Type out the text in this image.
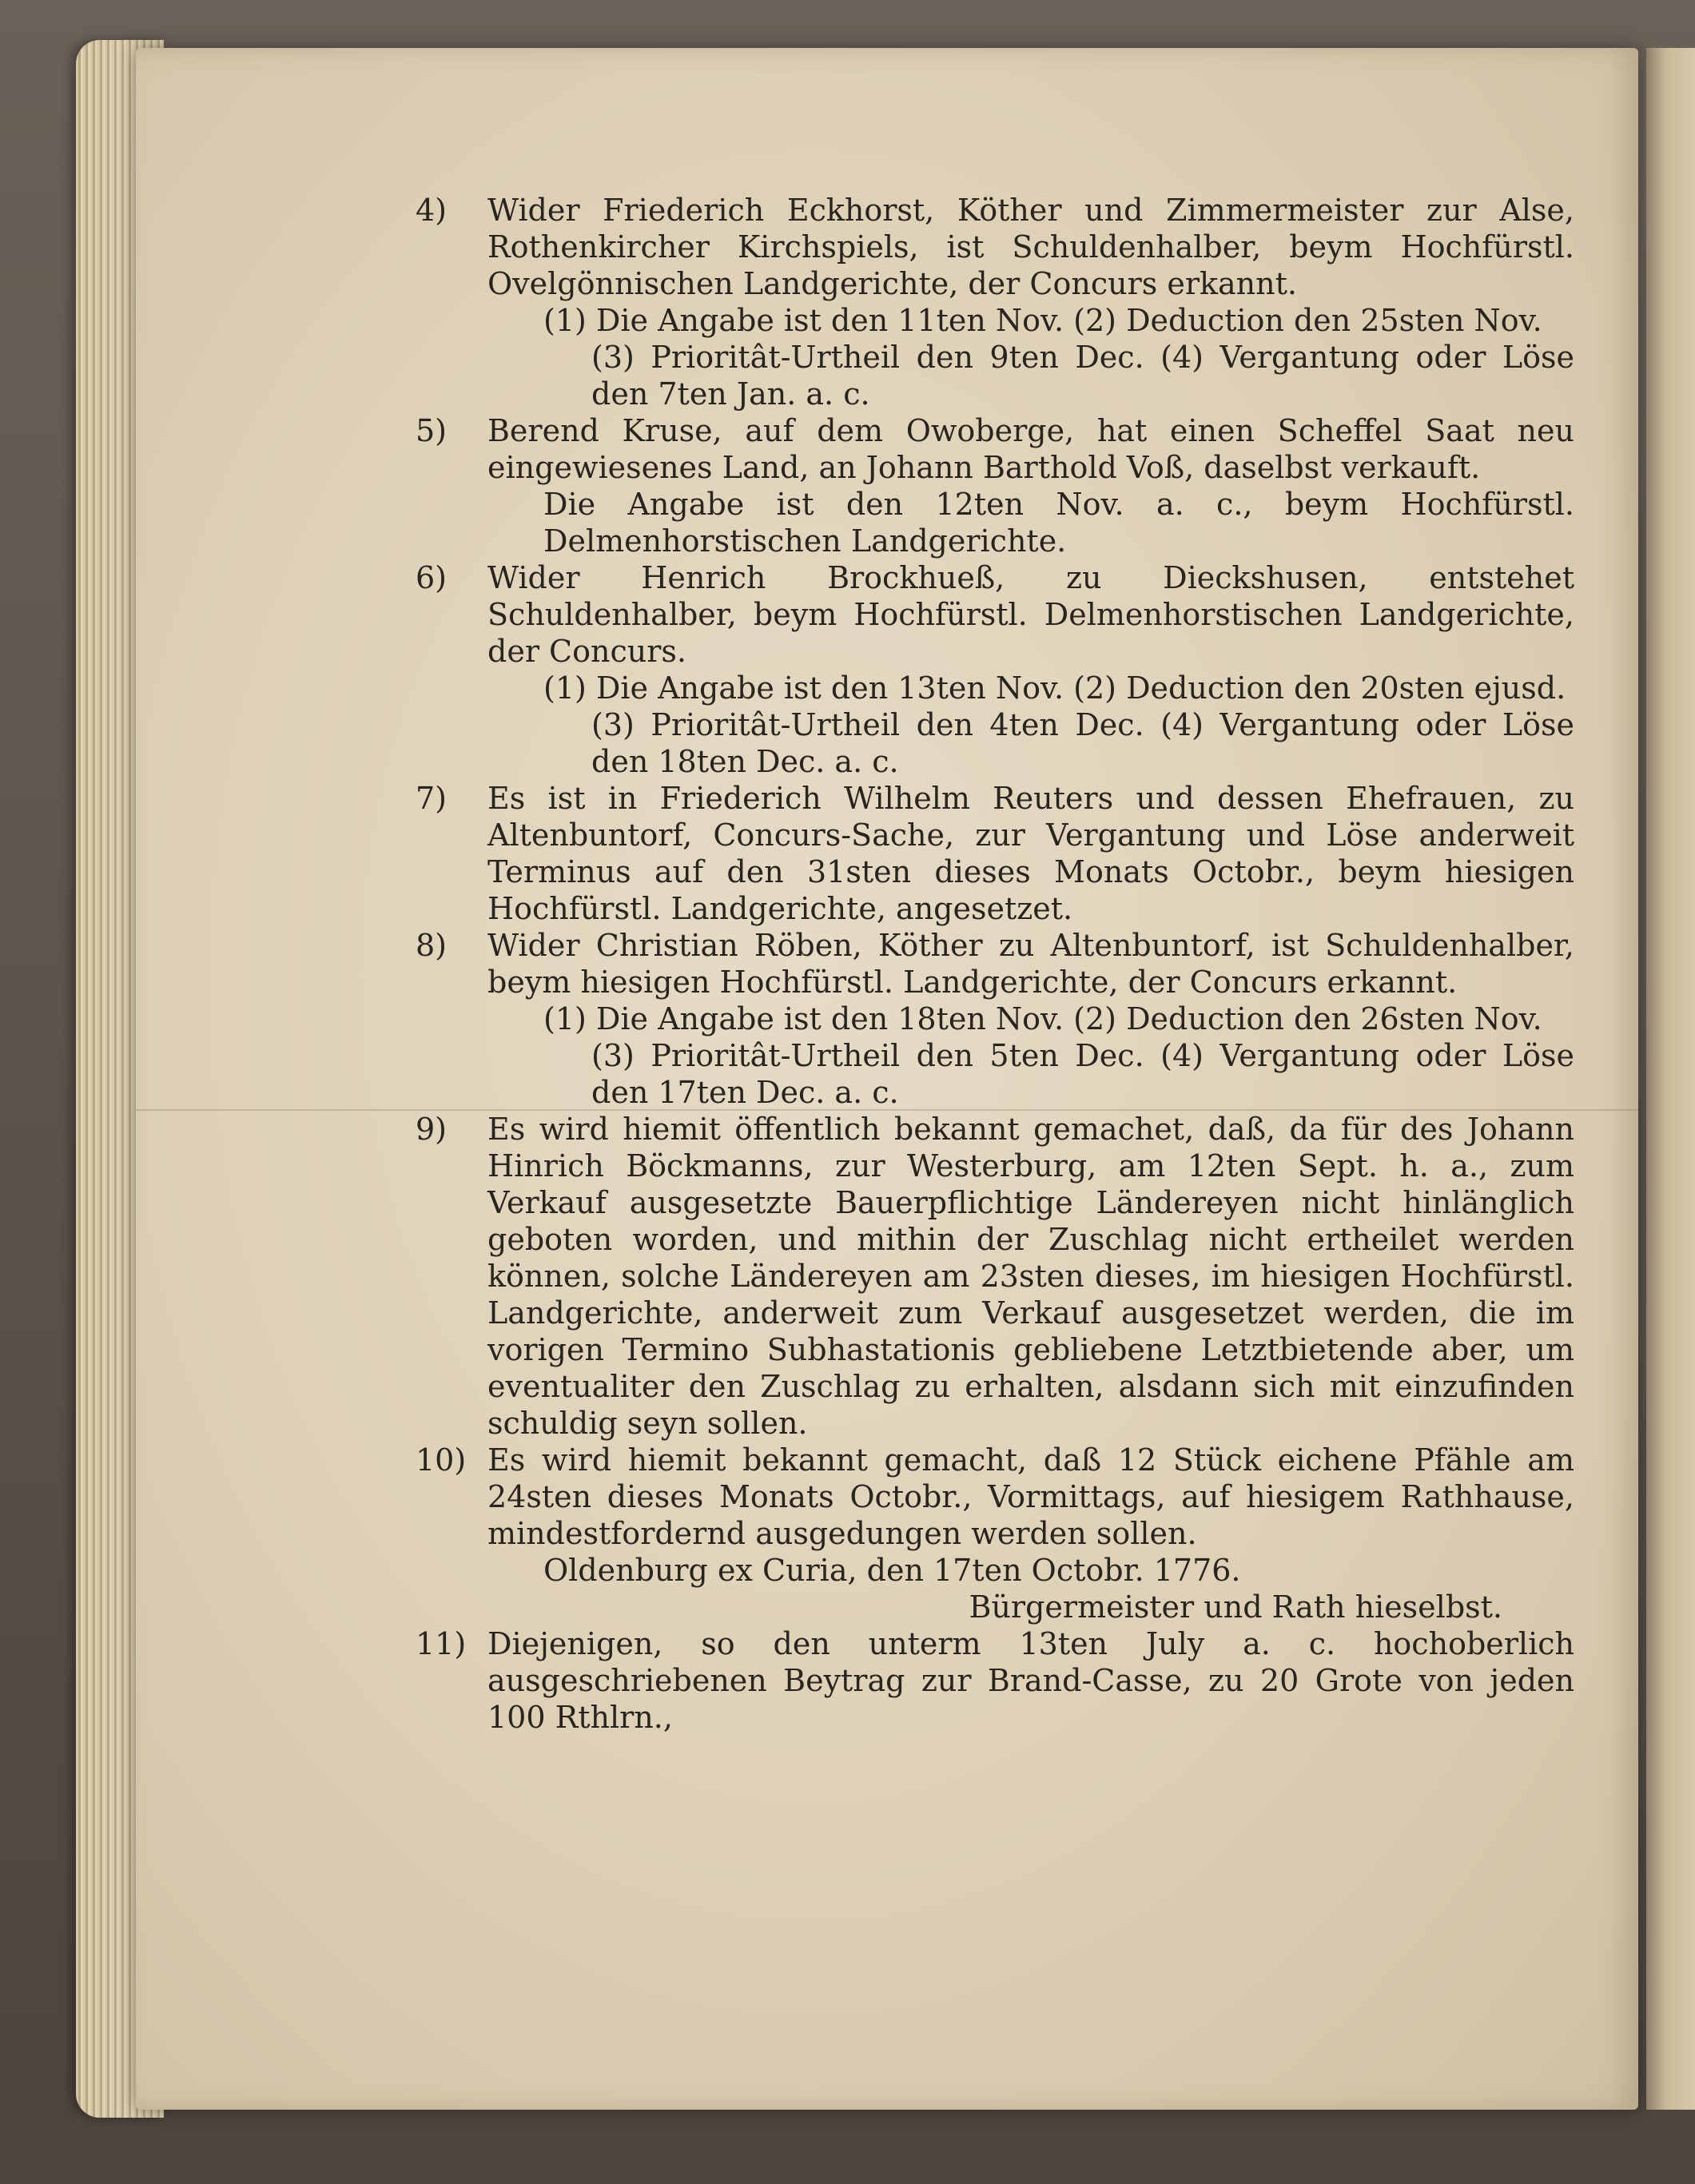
4) Wider Friederich Eckhorst, Köther und Zimmermeister zur Alse, Rothenkircher Kirchspiels, ist Schuldenhalber, beym Hochfürstl. Ovelgönnischen Landgerichte, der Concurs erkannt.

(1) Die Angabe ist den 11ten Nov. (2) Deduction den 25sten Nov.

(3) Prioritât-Urtheil den 9ten Dec. (4) Vergantung oder Löse den 7ten Jan. a. c.

5) Berend Kruse, auf dem Owoberge, hat einen Scheffel Saat neu eingewiesenes Land, an Johann Barthold Voß, daselbst verkauft.

Die Angabe ist den 12ten Nov. a. c., beym Hochfürstl. Delmenhorstischen Landgerichte.

6) Wider Henrich Brockhueß, zu Dieckshusen, entstehet Schuldenhalber, beym Hochfürstl. Delmenhorstischen Landgerichte, der Concurs.

(1) Die Angabe ist den 13ten Nov. (2) Deduction den 20sten ejusd.

(3) Prioritât-Urtheil den 4ten Dec. (4) Vergantung oder Löse den 18ten Dec. a. c.

7) Es ist in Friederich Wilhelm Reuters und dessen Ehefrauen, zu Altenbuntorf, Concurs-Sache, zur Vergantung und Löse anderweit Terminus auf den 31sten dieses Monats Octobr., beym hiesigen Hochfürstl. Landgerichte, angesetzet.

8) Wider Christian Röben, Köther zu Altenbuntorf, ist Schuldenhalber, beym hiesigen Hochfürstl. Landgerichte, der Concurs erkannt.

(1) Die Angabe ist den 18ten Nov. (2) Deduction den 26sten Nov.

(3) Prioritât-Urtheil den 5ten Dec. (4) Vergantung oder Löse den 17ten Dec. a. c.

9) Es wird hiemit öffentlich bekannt gemachet, daß, da für des Johann Hinrich Böckmanns, zur Westerburg, am 12ten Sept. h. a., zum Verkauf ausgesetzte Bauerpflichtige Ländereyen nicht hinlänglich geboten worden, und mithin der Zuschlag nicht ertheilet werden können, solche Ländereyen am 23sten dieses, im hiesigen Hochfürstl. Landgerichte, anderweit zum Verkauf ausgesetzet werden, die im vorigen Termino Subhastationis gebliebene Letztbietende aber, um eventualiter den Zuschlag zu erhalten, alsdann sich mit einzufinden schuldig seyn sollen.

10) Es wird hiemit bekannt gemacht, daß 12 Stück eichene Pfähle am 24sten dieses Monats Octobr., Vormittags, auf hiesigem Rathhause, mindestfordernd ausgedungen werden sollen.

Oldenburg ex Curia, den 17ten Octobr. 1776.

Bürgermeister und Rath hieselbst.

11) Diejenigen, so den unterm 13ten July a. c. hochoberlich ausgeschriebenen Beytrag zur Brand-Casse, zu 20 Grote von jeden 100 Rthlrn.,
